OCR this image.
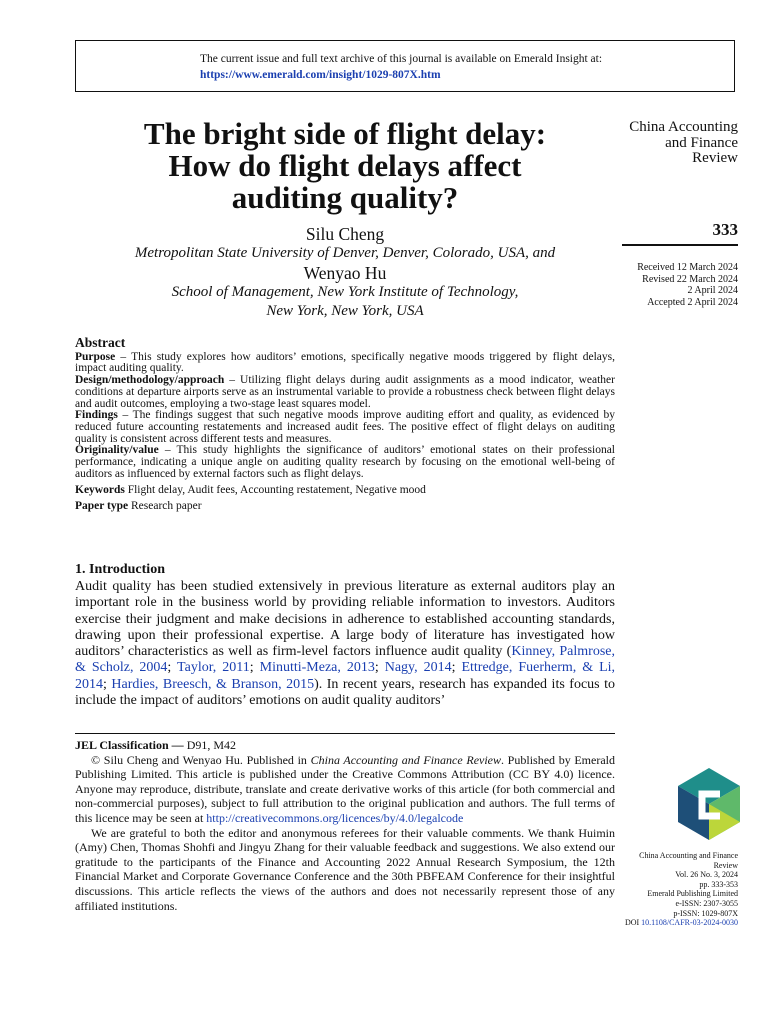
The current issue and full text archive of this journal is available on Emerald Insight at:
https://www.emerald.com/insight/1029-807X.htm
The bright side of flight delay:
How do flight delays affect
auditing quality?
Silu Cheng
Metropolitan State University of Denver, Denver, Colorado, USA, and
Wenyao Hu
School of Management, New York Institute of Technology,
New York, New York, USA
China Accounting
and Finance
Review
333
Received 12 March 2024
Revised 22 March 2024
2 April 2024
Accepted 2 April 2024
Abstract

Purpose – This study explores how auditors’ emotions, specifically negative moods triggered by flight delays, impact auditing quality.

Design/methodology/approach – Utilizing flight delays during audit assignments as a mood indicator, weather conditions at departure airports serve as an instrumental variable to provide a robustness check between flight delays and audit outcomes, employing a two-stage least squares model.

Findings – The findings suggest that such negative moods improve auditing effort and quality, as evidenced by reduced future accounting restatements and increased audit fees. The positive effect of flight delays on auditing quality is consistent across different tests and measures.

Originality/value – This study highlights the significance of auditors’ emotional states on their professional performance, indicating a unique angle on auditing quality research by focusing on the emotional well-being of auditors as influenced by external factors such as flight delays.

Keywords Flight delay, Audit fees, Accounting restatement, Negative mood

Paper type Research paper

1. Introduction

Audit quality has been studied extensively in previous literature as external auditors play an important role in the business world by providing reliable information to investors. Auditors exercise their judgment and make decisions in adherence to established accounting standards, drawing upon their professional expertise. A large body of literature has investigated how auditors’ characteristics as well as firm-level factors influence audit quality (Kinney, Palmrose, & Scholz, 2004; Taylor, 2011; Minutti-Meza, 2013; Nagy, 2014; Ettredge, Fuerherm, & Li, 2014; Hardies, Breesch, & Branson, 2015). In recent years, research has expanded its focus to include the impact of auditors’ emotions on audit quality auditors’

JEL Classification — D91, M42

© Silu Cheng and Wenyao Hu. Published in China Accounting and Finance Review. Published by Emerald Publishing Limited. This article is published under the Creative Commons Attribution (CC BY 4.0) licence. Anyone may reproduce, distribute, translate and create derivative works of this article (for both commercial and non-commercial purposes), subject to full attribution to the original publication and authors. The full terms of this licence may be seen at http://creativecommons.org/licences/by/4.0/legalcode

We are grateful to both the editor and anonymous referees for their valuable comments. We thank Huimin (Amy) Chen, Thomas Shohfi and Jingyu Zhang for their valuable feedback and suggestions. We also extend our gratitude to the participants of the Finance and Accounting 2022 Annual Research Symposium, the 12th Financial Market and Corporate Governance Conference and the 30th PBFEAM Conference for their insightful discussions. This article reflects the views of the authors and does not necessarily represent those of any affiliated institutions.

China Accounting and Finance
Review
Vol. 26 No. 3, 2024
pp. 333-353
Emerald Publishing Limited
e-ISSN: 2307-3055
p-ISSN: 1029-807X
DOI 10.1108/CAFR-03-2024-0030
